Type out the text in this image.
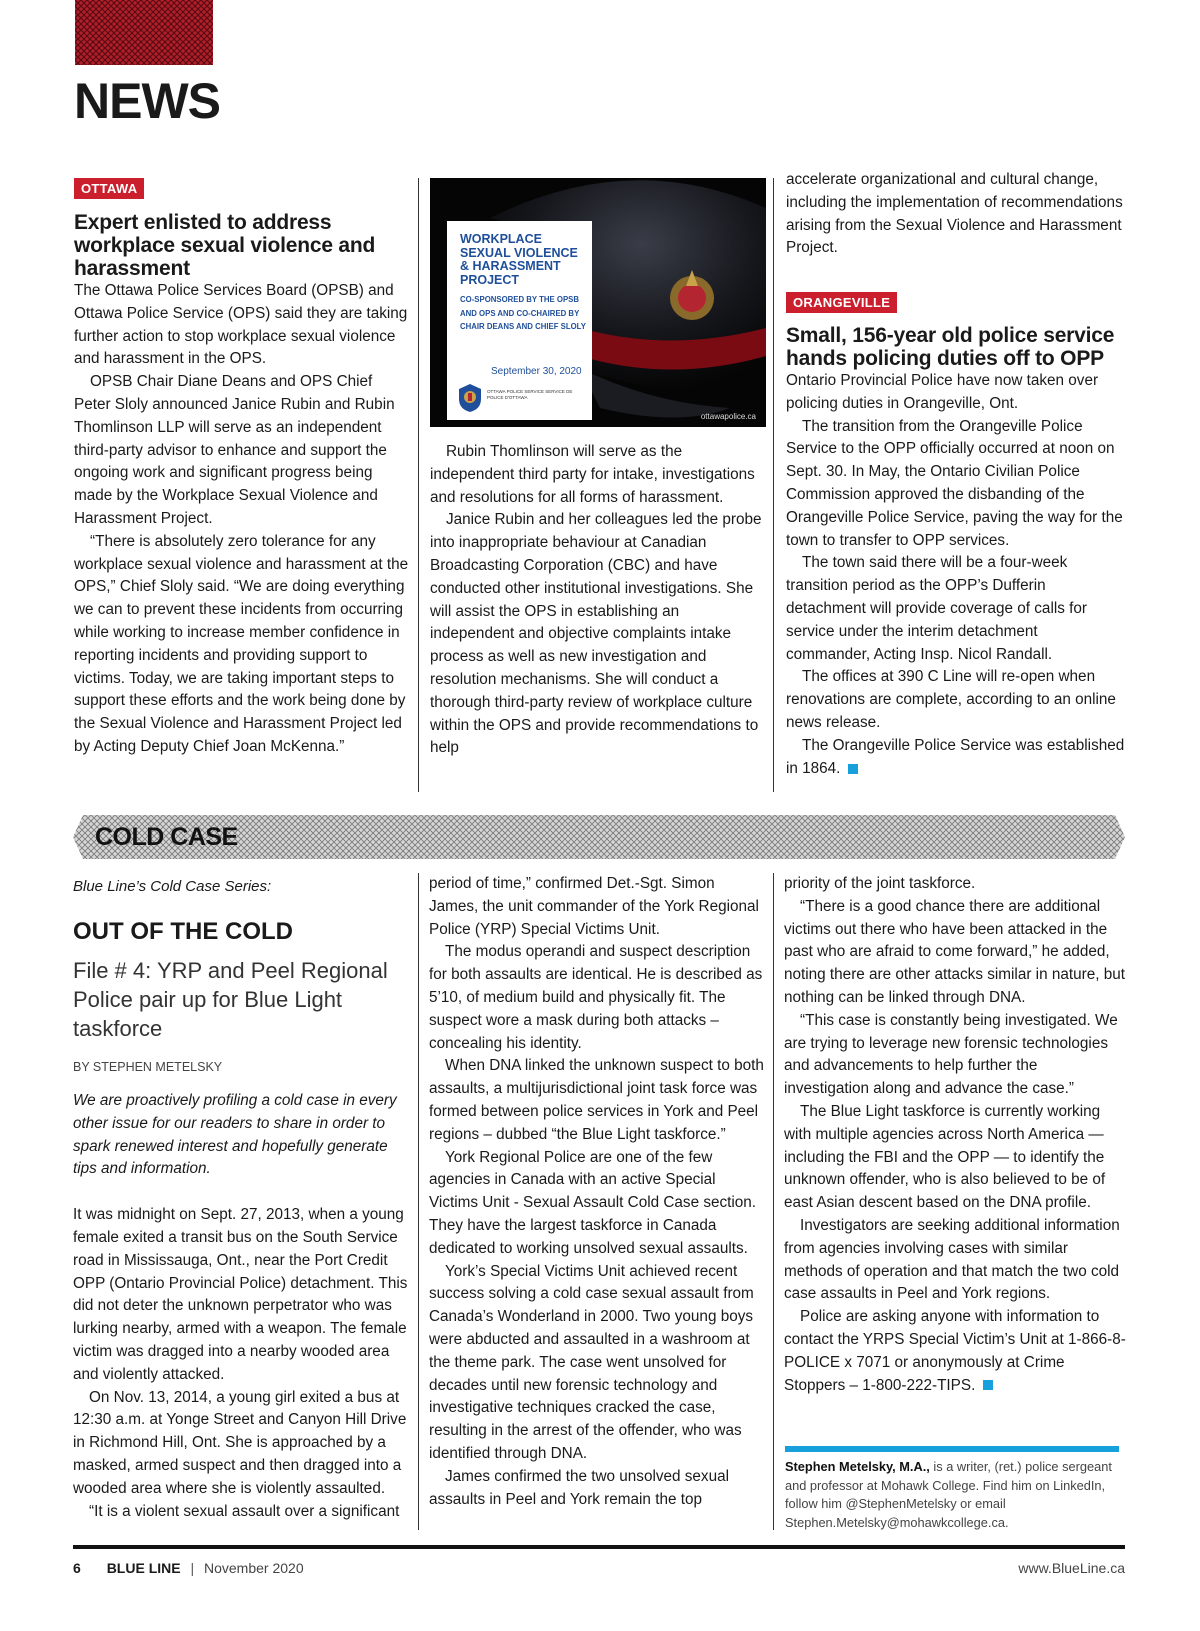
NEWS
OTTAWA
Expert enlisted to address workplace sexual violence and harassment

The Ottawa Police Services Board (OPSB) and Ottawa Police Service (OPS) said they are taking further action to stop workplace sexual violence and harassment in the OPS.

OPSB Chair Diane Deans and OPS Chief Peter Sloly announced Janice Rubin and Rubin Thomlinson LLP will serve as an independent third-party advisor to enhance and support the ongoing work and significant progress being made by the Workplace Sexual Violence and Harassment Project.

“There is absolutely zero tolerance for any workplace sexual violence and harassment at the OPS,” Chief Sloly said. “We are doing everything we can to prevent these incidents from occurring while working to increase member confidence in reporting incidents and providing support to victims. Today, we are taking important steps to support these efforts and the work being done by the Sexual Violence and Harassment Project led by Acting Deputy Chief Joan McKenna.”

WORKPLACE SEXUAL VIOLENCE & HARASSMENT PROJECT
CO-SPONSORED BY THE OPSB AND OPS AND CO-CHAIRED BY CHAIR DEANS AND CHIEF SLOLY
September 30, 2020
OTTAWA POLICE SERVICE SERVICE DE POLICE D'OTTAWA
ottawapolice.ca

Rubin Thomlinson will serve as the independent third party for intake, investigations and resolutions for all forms of harassment.

Janice Rubin and her colleagues led the probe into inappropriate behaviour at Canadian Broadcasting Corporation (CBC) and have conducted other institutional investigations. She will assist the OPS in establishing an independent and objective complaints intake process as well as new investigation and resolution mechanisms. She will conduct a thorough third-party review of workplace culture within the OPS and provide recommendations to help

accelerate organizational and cultural change, including the implementation of recommendations arising from the Sexual Violence and Harassment Project.

ORANGEVILLE
Small, 156-year old police service hands policing duties off to OPP

Ontario Provincial Police have now taken over policing duties in Orangeville, Ont.

The transition from the Orangeville Police Service to the OPP officially occurred at noon on Sept. 30. In May, the Ontario Civilian Police Commission approved the disbanding of the Orangeville Police Service, paving the way for the town to transfer to OPP services.

The town said there will be a four-week transition period as the OPP’s Dufferin detachment will provide coverage of calls for service under the interim detachment commander, Acting Insp. Nicol Randall.

The offices at 390 C Line will re-open when renovations are complete, according to an online news release.

The Orangeville Police Service was established in 1864.

COLD CASE
Blue Line’s Cold Case Series:
OUT OF THE COLD
File # 4: YRP and Peel Regional Police pair up for Blue Light taskforce
BY STEPHEN METELSKY
We are proactively profiling a cold case in every other issue for our readers to share in order to spark renewed interest and hopefully generate tips and information.

It was midnight on Sept. 27, 2013, when a young female exited a transit bus on the South Service road in Mississauga, Ont., near the Port Credit OPP (Ontario Provincial Police) detachment. This did not deter the unknown perpetrator who was lurking nearby, armed with a weapon. The female victim was dragged into a nearby wooded area and violently attacked.

On Nov. 13, 2014, a young girl exited a bus at 12:30 a.m. at Yonge Street and Canyon Hill Drive in Richmond Hill, Ont. She is approached by a masked, armed suspect and then dragged into a wooded area where she is violently assaulted.

“It is a violent sexual assault over a significant

period of time,” confirmed Det.-Sgt. Simon James, the unit commander of the York Regional Police (YRP) Special Victims Unit.

The modus operandi and suspect description for both assaults are identical. He is described as 5’10, of medium build and physically fit. The suspect wore a mask during both attacks – concealing his identity.

When DNA linked the unknown suspect to both assaults, a multijurisdictional joint task force was formed between police services in York and Peel regions – dubbed “the Blue Light taskforce.”

York Regional Police are one of the few agencies in Canada with an active Special Victims Unit - Sexual Assault Cold Case section. They have the largest taskforce in Canada dedicated to working unsolved sexual assaults.

York’s Special Victims Unit achieved recent success solving a cold case sexual assault from Canada’s Wonderland in 2000. Two young boys were abducted and assaulted in a washroom at the theme park. The case went unsolved for decades until new forensic technology and investigative techniques cracked the case, resulting in the arrest of the offender, who was identified through DNA.

James confirmed the two unsolved sexual assaults in Peel and York remain the top

priority of the joint taskforce.

“There is a good chance there are additional victims out there who have been attacked in the past who are afraid to come forward,” he added, noting there are other attacks similar in nature, but nothing can be linked through DNA.

“This case is constantly being investigated. We are trying to leverage new forensic technologies and advancements to help further the investigation along and advance the case.”

The Blue Light taskforce is currently working with multiple agencies across North America — including the FBI and the OPP — to identify the unknown offender, who is also believed to be of east Asian descent based on the DNA profile.

Investigators are seeking additional information from agencies involving cases with similar methods of operation and that match the two cold case assaults in Peel and York regions.

Police are asking anyone with information to contact the YRPS Special Victim’s Unit at 1-866-8-POLICE x 7071 or anonymously at Crime Stoppers – 1-800-222-TIPS.

Stephen Metelsky, M.A., is a writer, (ret.) police sergeant and professor at Mohawk College. Find him on LinkedIn, follow him @StephenMetelsky or email Stephen.Metelsky@mohawkcollege.ca.
6 BLUE LINE | November 2020	www.BlueLine.ca
